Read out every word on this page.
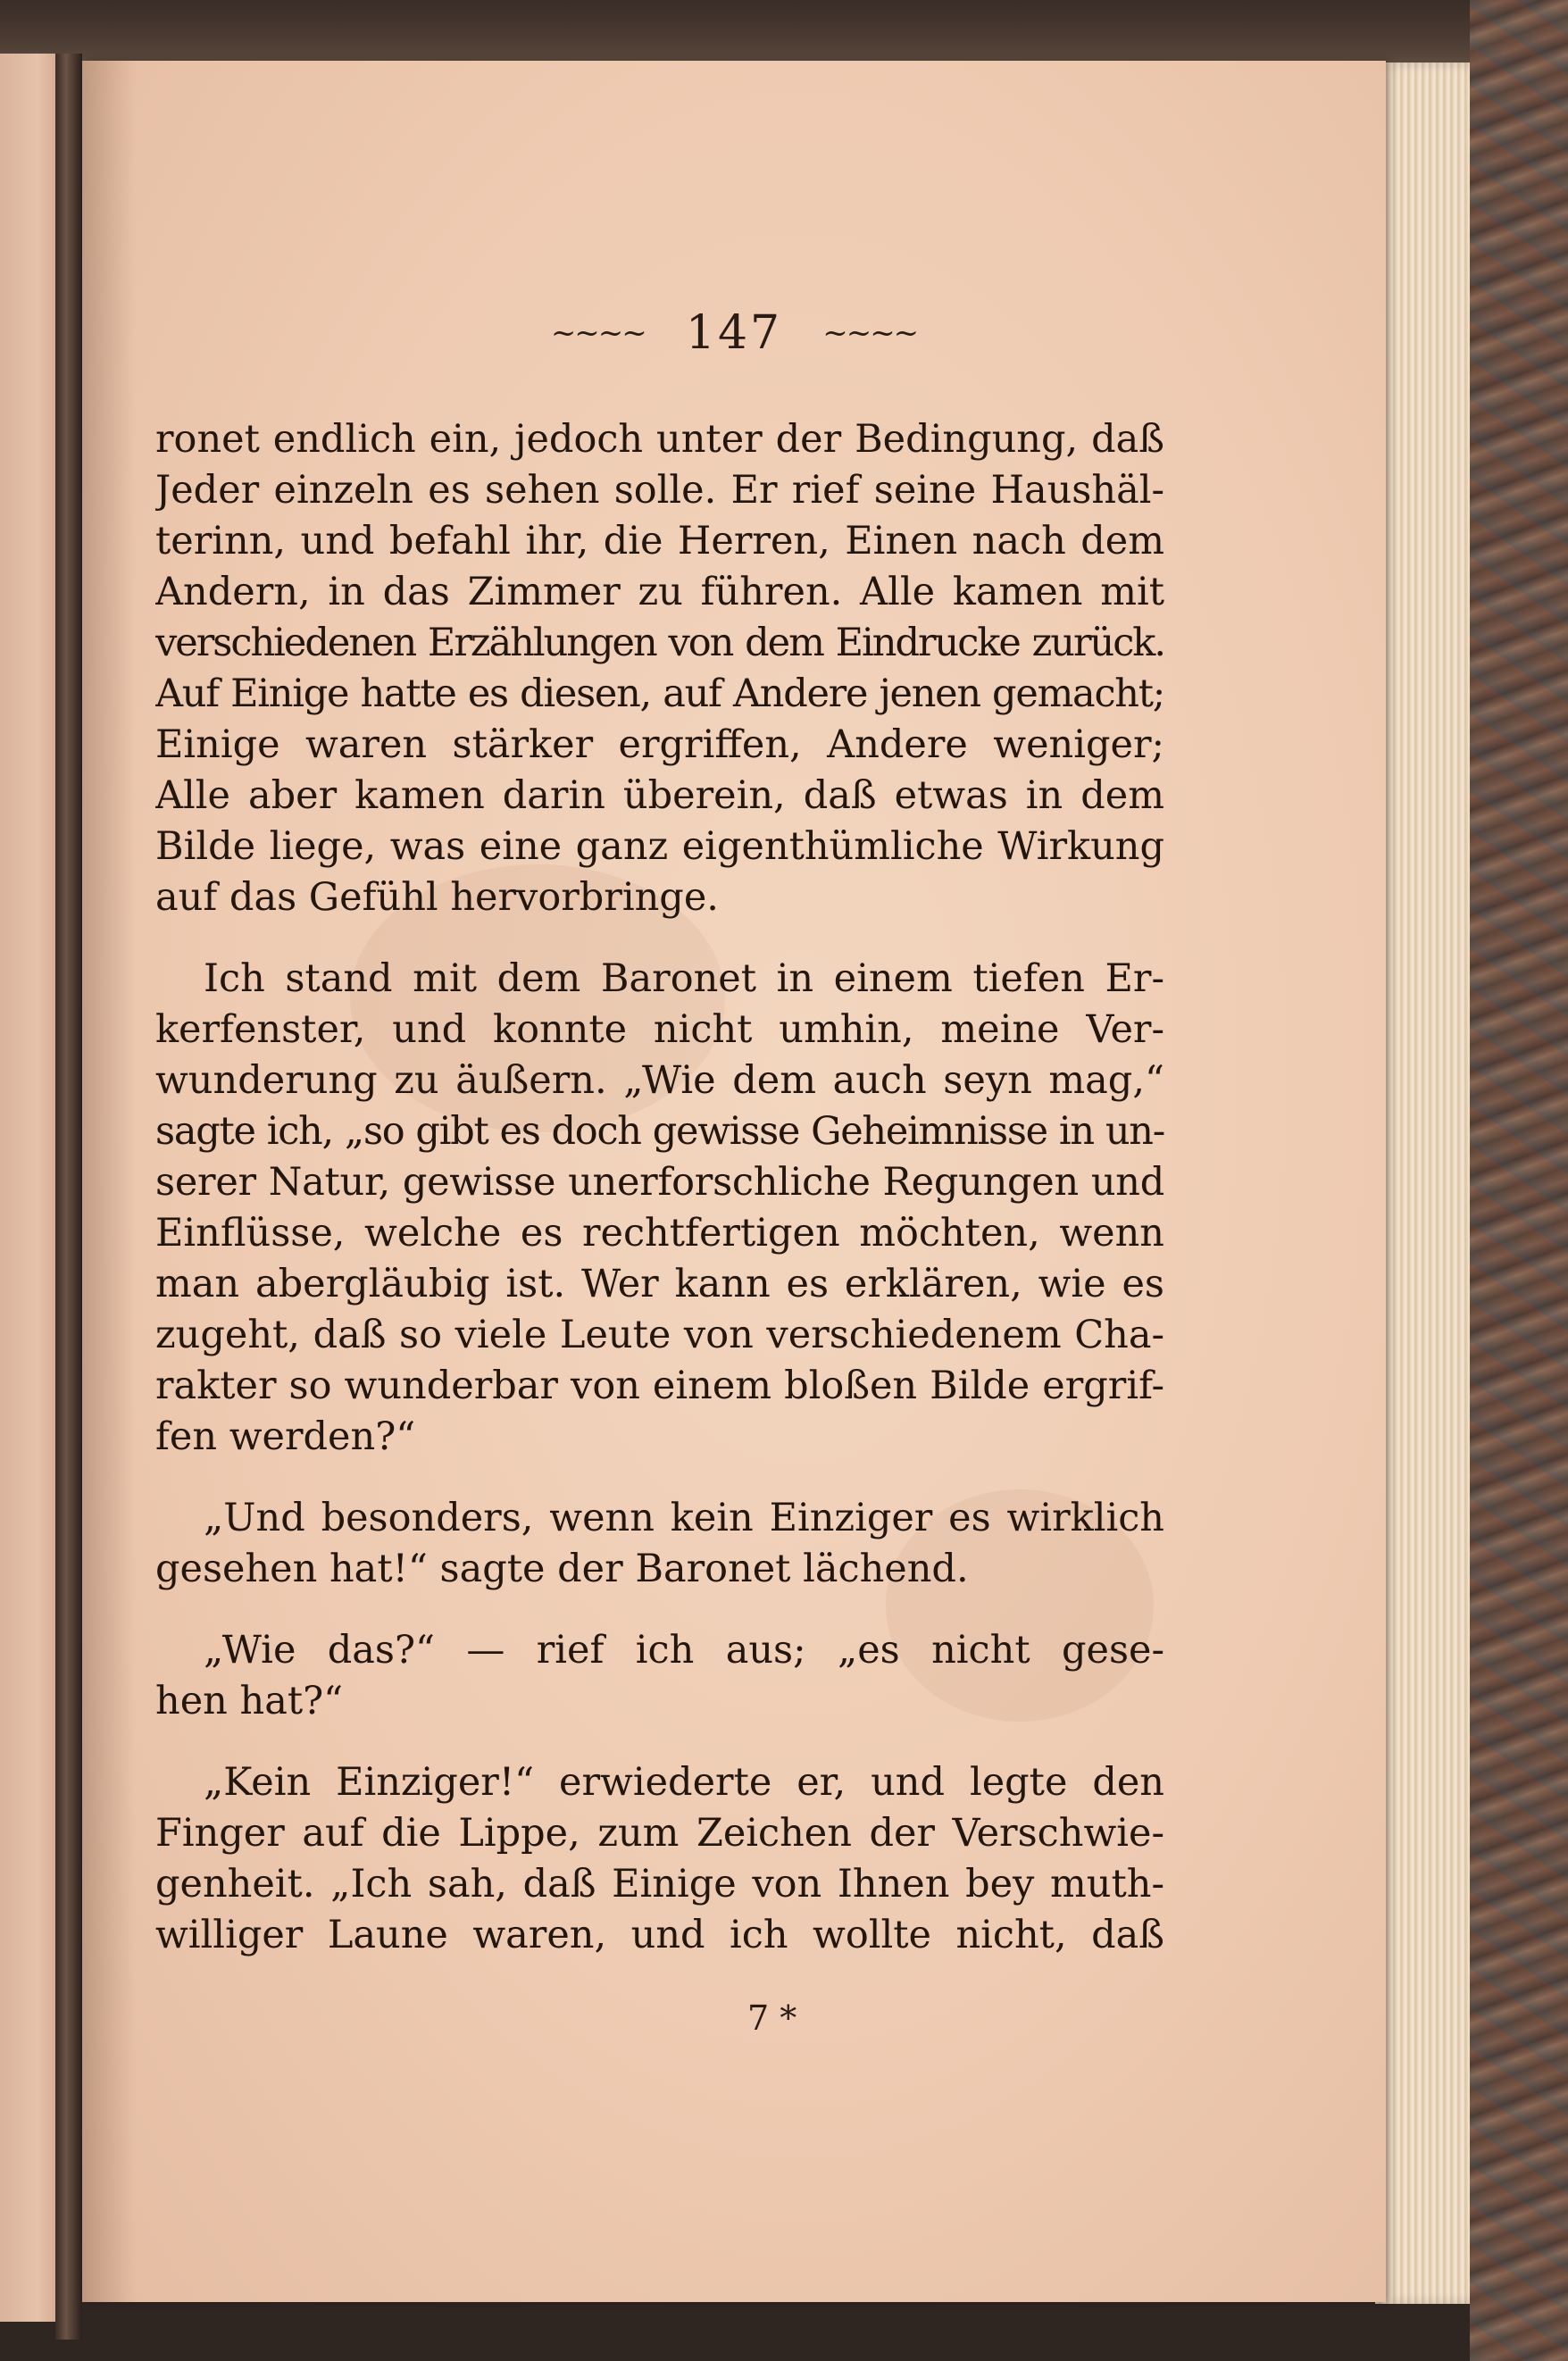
~~~~ 147 ~~~~
ronet endlich ein, jedoch unter der Bedingung, daß
Jeder einzeln es sehen solle. Er rief seine Haushäl-
terinn, und befahl ihr, die Herren, Einen nach dem
Andern, in das Zimmer zu führen. Alle kamen mit
verschiedenen Erzählungen von dem Eindrucke zurück.
Auf Einige hatte es diesen, auf Andere jenen gemacht;
Einige waren stärker ergriffen, Andere weniger;
Alle aber kamen darin überein, daß etwas in dem
Bilde liege, was eine ganz eigenthümliche Wirkung
auf das Gefühl hervorbringe.
Ich stand mit dem Baronet in einem tiefen Er-
kerfenster, und konnte nicht umhin, meine Ver-
wunderung zu äußern. „Wie dem auch seyn mag,“
sagte ich, „so gibt es doch gewisse Geheimnisse in un-
serer Natur, gewisse unerforschliche Regungen und
Einflüsse, welche es rechtfertigen möchten, wenn
man abergläubig ist. Wer kann es erklären, wie es
zugeht, daß so viele Leute von verschiedenem Cha-
rakter so wunderbar von einem bloßen Bilde ergrif-
fen werden?“
„Und besonders, wenn kein Einziger es wirklich
gesehen hat!“ sagte der Baronet lächend.
„Wie das?“ — rief ich aus; „es nicht gese-
hen hat?“
„Kein Einziger!“ erwiederte er, und legte den
Finger auf die Lippe, zum Zeichen der Verschwie-
genheit. „Ich sah, daß Einige von Ihnen bey muth-
williger Laune waren, und ich wollte nicht, daß
7 *
